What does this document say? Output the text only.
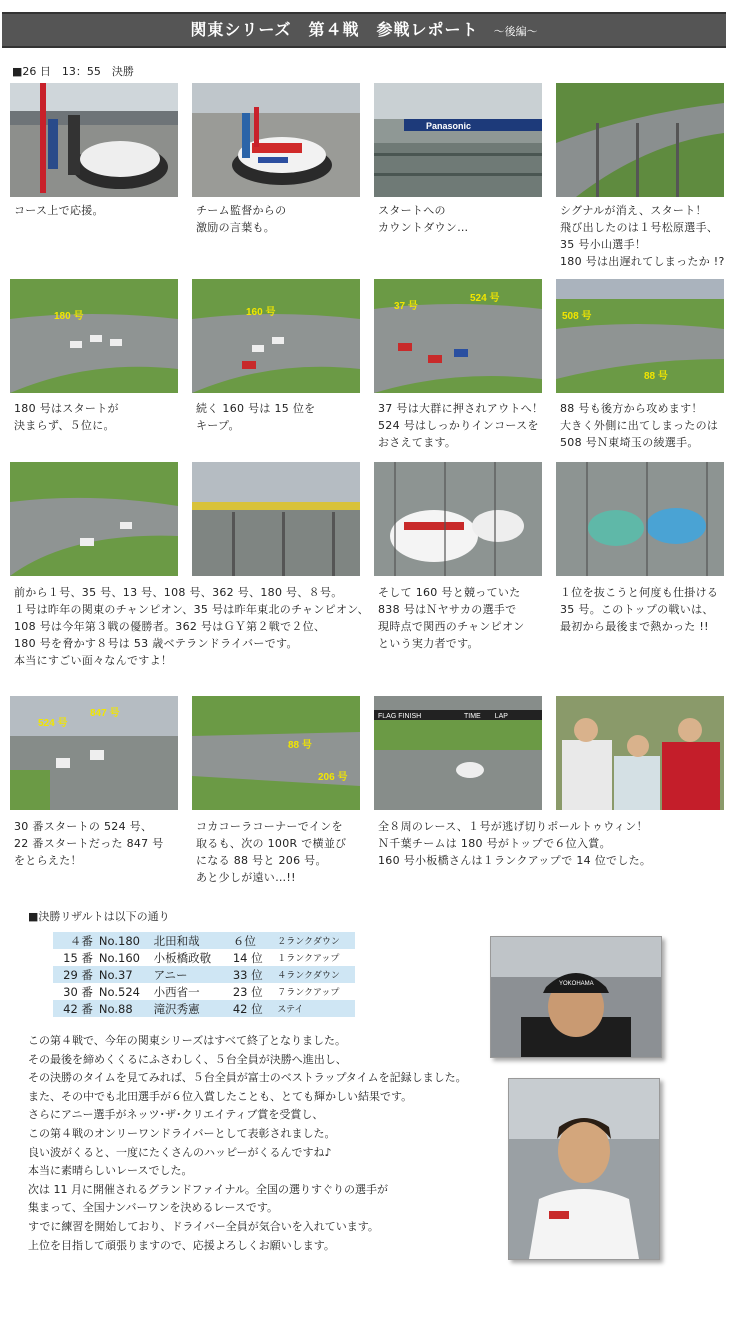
関東シリーズ　第４戦　参戦レポート ～後編～
■26 日　13：55　決勝
Panasonic
コース上で応援。	チーム監督からの
激励の言葉も。
スタートへの
カウントダウン…
シグナルが消え、スタート！
飛び出したのは１号松原選手、
35 号小山選手！
180 号は出遅れてしまったか !?
180 号	160 号
37 号
524 号
508 号
88 号
180 号はスタートが
決まらず、５位に。
続く 160 号は 15 位を
キープ。
37 号は大群に押されアウトへ！
524 号はしっかりインコースを
おさえてます。
88 号も後方から攻めます！
大きく外側に出てしまったのは
508 号Ｎ東埼玉の綾選手。
前から１号、35 号、13 号、108 号、362 号、180 号、８号。
１号は昨年の関東のチャンピオン、35 号は昨年東北のチャンピオン、
108 号は今年第３戦の優勝者。362 号はＧＹ第２戦で２位、
180 号を脅かす８号は 53 歳ベテランドライバーです。
本当にすごい面々なんですよ！
そして 160 号と競っていた
838 号はＮヤサカの選手で
現時点で関西のチャンピオン
という実力者です。
１位を抜こうと何度も仕掛ける
35 号。このトップの戦いは、
最初から最後まで熱かった !!
524 号
847 号
88 号
206 号
FLAG FINISH	TIME　　LAP
30 番スタートの 524 号、
22 番スタートだった 847 号
をとらえた！
コカコーラコーナーでインを
取るも、次の 100R で横並び
になる 88 号と 206 号。
あと少しが遠い…!!
全８周のレース、１号が逃げ切りポールトゥウィン！
Ｎ千葉チームは 180 号がトップで６位入賞。
160 号小板橋さんは１ランクアップで 14 位でした。
■決勝リザルトは以下の通り
４番	No.180	北田和哉	６位	２ランクダウン
15 番	No.160	小板橋政敬	14 位	１ランクアップ
29 番	No.37	アニー	33 位	４ランクダウン
30 番	No.524	小西省一	23 位	７ランクアップ
42 番	No.88	滝沢秀憲	42 位	ステイ
この第４戦で、今年の関東シリーズはすべて終了となりました。
その最後を締めくくるにふさわしく、５台全員が決勝へ進出し、
その決勝のタイムを見てみれば、５台全員が富士のベストラップタイムを記録しました。
また、その中でも北田選手が６位入賞したことも、とても輝かしい結果です。
さらにアニー選手がネッツ･ザ･クリエイティブ賞を受賞し、
この第４戦のオンリーワンドライバーとして表彰されました。
良い波がくると、一度にたくさんのハッピーがくるんですね♪
本当に素晴らしいレースでした。
次は 11 月に開催されるグランドファイナル。全国の選りすぐりの選手が
集まって、全国ナンバーワンを決めるレースです。
すでに練習を開始しており、ドライバー全員が気合いを入れています。
上位を目指して頑張りますので、応援よろしくお願いします。
YOKOHAMA
